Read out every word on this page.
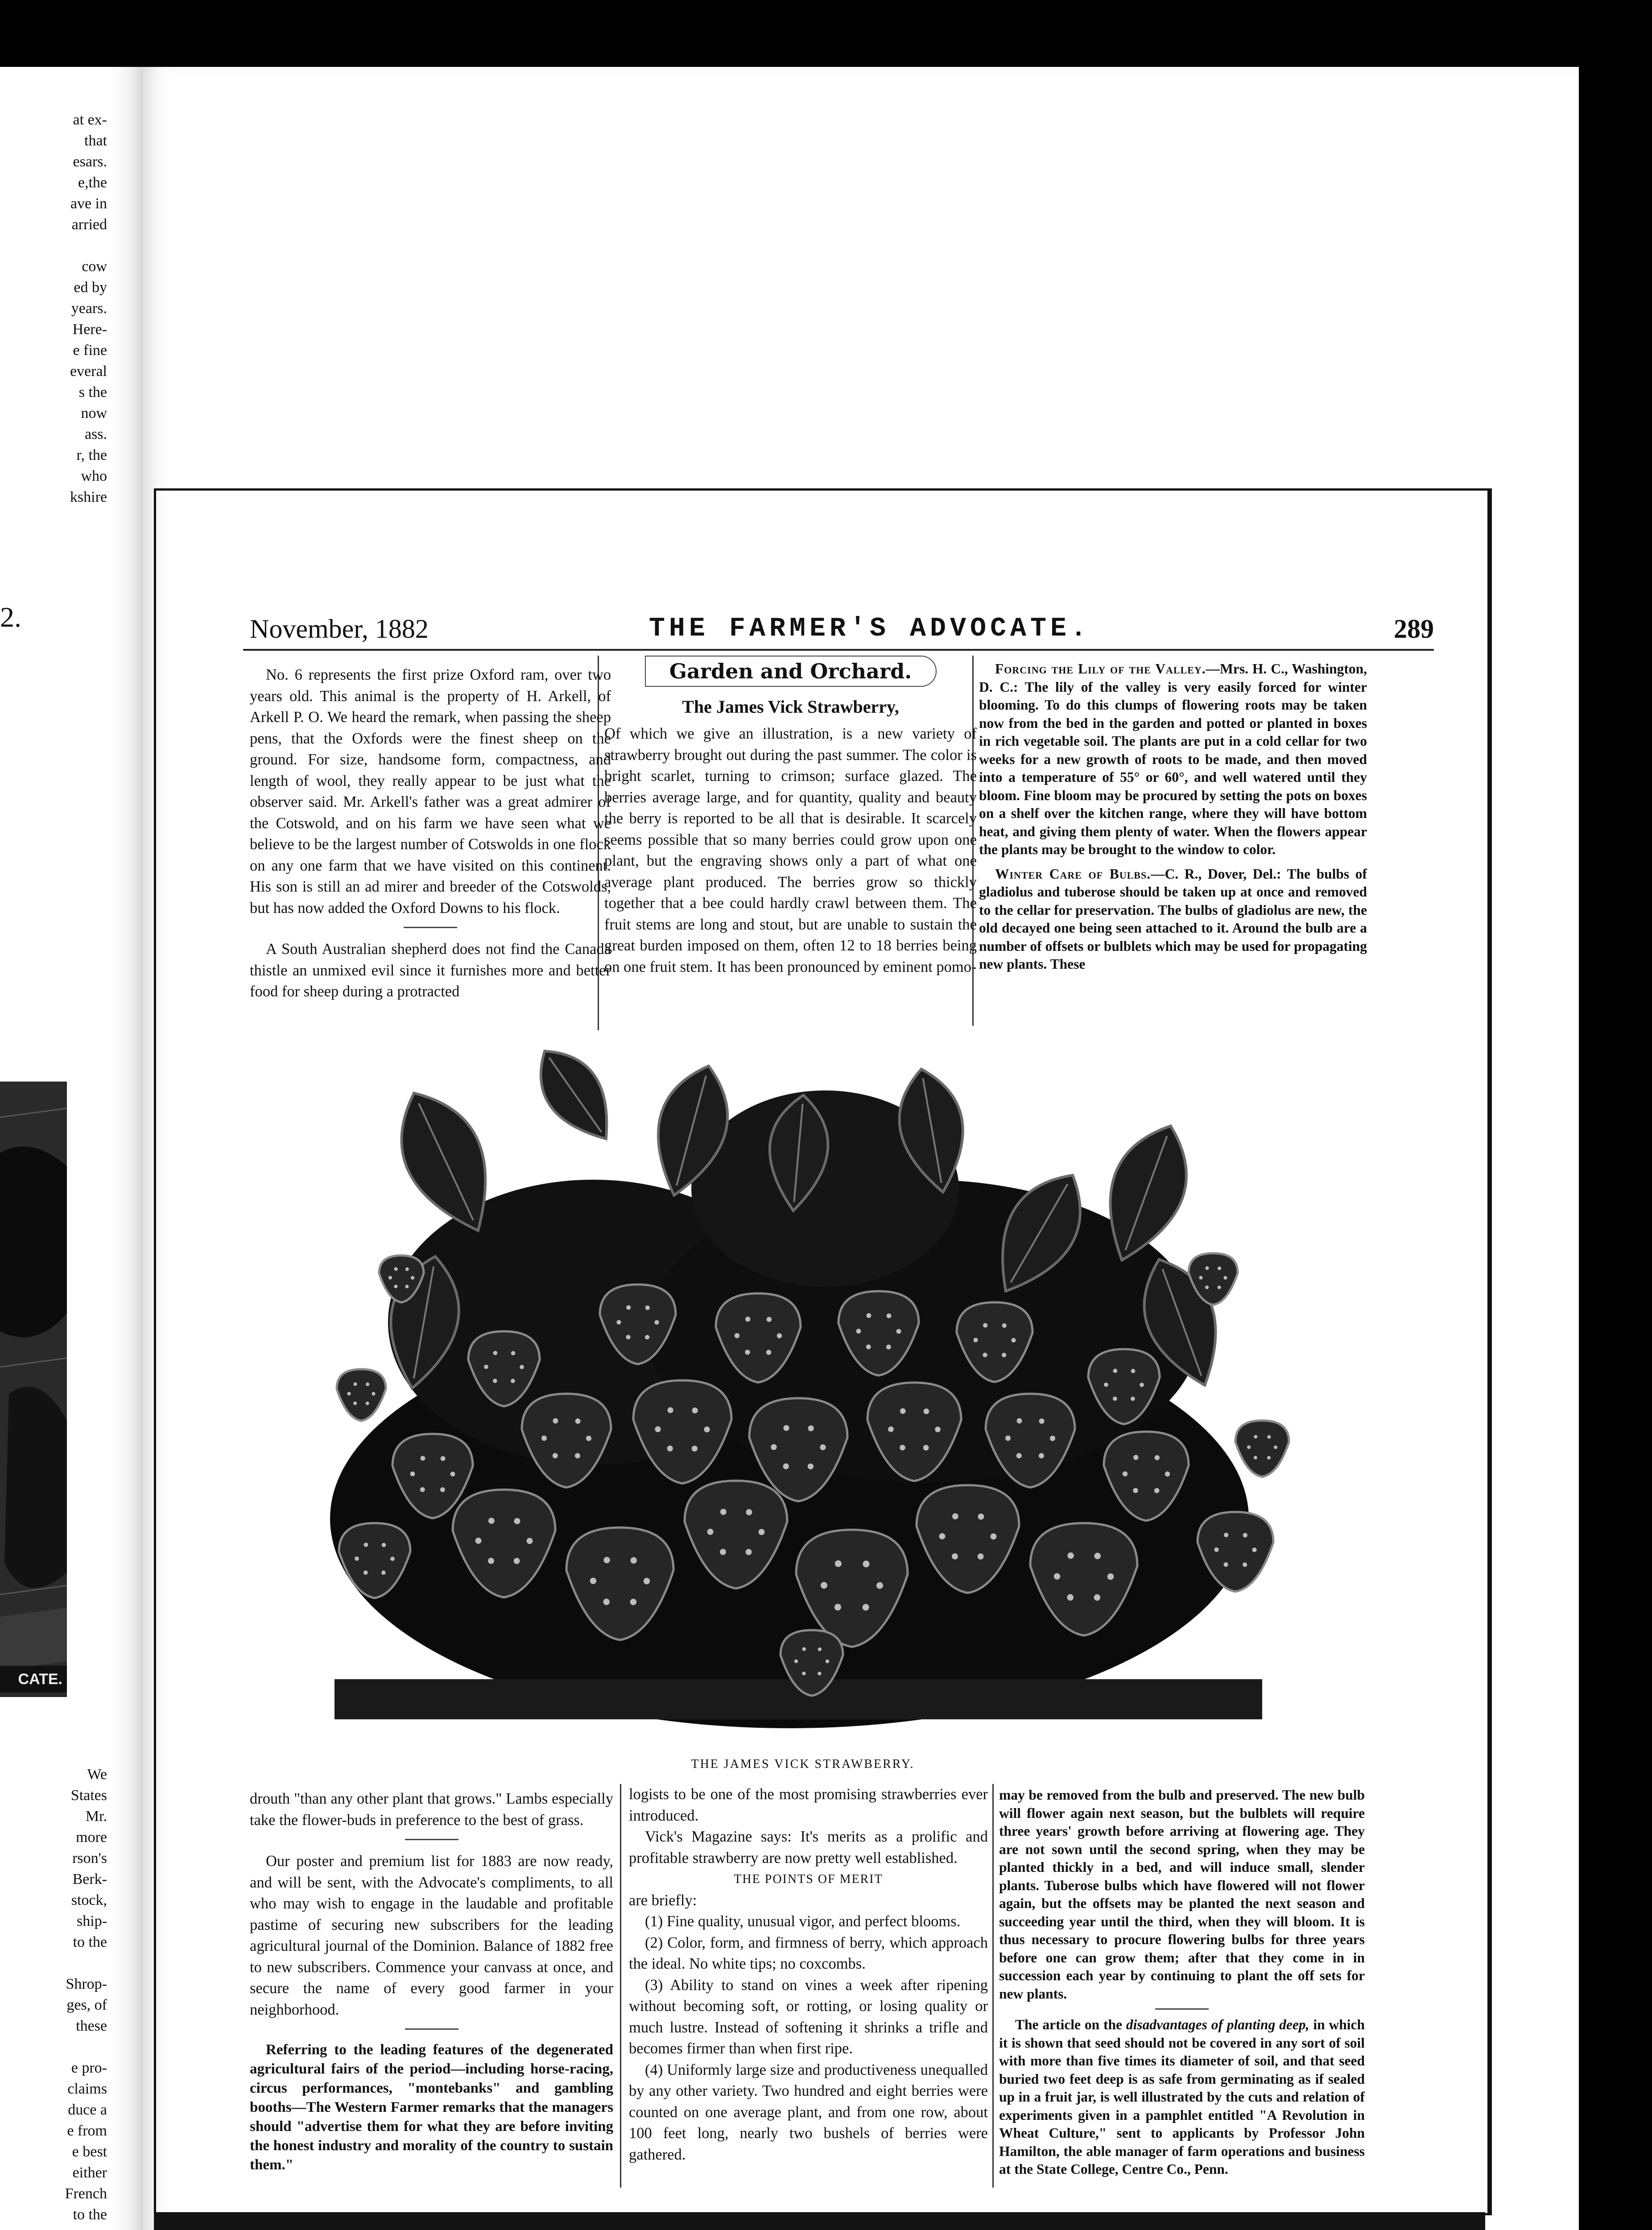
at ex-
that
esars.
e,the
ave in
arried

cow
ed by
years.
Here-
e fine
everal
s the
now
ass.
r, the
who
kshire
2.
CATE.
We
States
Mr.
more
rson's
Berk-
stock,
ship-
to the

Shrop-
ges, of
these

e pro-
claims
duce a
e from
e best
either
French
to the
November, 1882	THE FARMER'S ADVOCATE.	289

No. 6 represents the first prize Oxford ram, over two years old. This animal is the property of H. Arkell, of Arkell P. O. We heard the remark, when passing the sheep pens, that the Oxfords were the finest sheep on the ground. For size, handsome form, compactness, and length of wool, they really appear to be just what the observer said. Mr. Arkell's father was a great admirer of the Cotswold, and on his farm we have seen what we believe to be the largest number of Cotswolds in one flock on any one farm that we have visited on this continent. His son is still an ad mirer and breeder of the Cotswolds, but has now added the Oxford Downs to his flock.

A South Australian shepherd does not find the Canada thistle an unmixed evil since it furnishes more and better food for sheep during a protracted

Garden and Orchard.
The James Vick Strawberry,

Of which we give an illustration, is a new variety of strawberry brought out during the past summer. The color is bright scarlet, turning to crimson; surface glazed. The berries average large, and for quantity, quality and beauty the berry is reported to be all that is desirable. It scarcely seems possible that so many berries could grow upon one plant, but the engraving shows only a part of what one average plant produced. The berries grow so thickly together that a bee could hardly crawl between them. The fruit stems are long and stout, but are unable to sustain the great burden imposed on them, often 12 to 18 berries being on one fruit stem. It has been pronounced by eminent pomo-

Forcing the Lily of the Valley.—Mrs. H. C., Washington, D. C.: The lily of the valley is very easily forced for winter blooming. To do this clumps of flowering roots may be taken now from the bed in the garden and potted or planted in boxes in rich vegetable soil. The plants are put in a cold cellar for two weeks for a new growth of roots to be made, and then moved into a temperature of 55° or 60°, and well watered until they bloom. Fine bloom may be procured by setting the pots on boxes on a shelf over the kitchen range, where they will have bottom heat, and giving them plenty of water. When the flowers appear the plants may be brought to the window to color.

Winter Care of Bulbs.—C. R., Dover, Del.: The bulbs of gladiolus and tuberose should be taken up at once and removed to the cellar for preservation. The bulbs of gladiolus are new, the old decayed one being seen attached to it. Around the bulb are a number of offsets or bulblets which may be used for propagating new plants. These

THE JAMES VICK STRAWBERRY.

drouth "than any other plant that grows." Lambs especially take the flower-buds in preference to the best of grass.

Our poster and premium list for 1883 are now ready, and will be sent, with the Advocate's compliments, to all who may wish to engage in the laudable and profitable pastime of securing new subscribers for the leading agricultural journal of the Dominion. Balance of 1882 free to new subscribers. Commence your canvass at once, and secure the name of every good farmer in your neighborhood.

Referring to the leading features of the degenerated agricultural fairs of the period—including horse-racing, circus performances, "montebanks" and gambling booths—The Western Farmer remarks that the managers should "advertise them for what they are before inviting the honest industry and morality of the country to sustain them."

logists to be one of the most promising strawberries ever introduced.

Vick's Magazine says: It's merits as a prolific and profitable strawberry are now pretty well established.

THE POINTS OF MERIT

are briefly:

(1) Fine quality, unusual vigor, and perfect blooms.

(2) Color, form, and firmness of berry, which approach the ideal. No white tips; no coxcombs.

(3) Ability to stand on vines a week after ripening without becoming soft, or rotting, or losing quality or much lustre. Instead of softening it shrinks a trifle and becomes firmer than when first ripe.

(4) Uniformly large size and productiveness unequalled by any other variety. Two hundred and eight berries were counted on one average plant, and from one row, about 100 feet long, nearly two bushels of berries were gathered.

may be removed from the bulb and preserved. The new bulb will flower again next season, but the bulblets will require three years' growth before arriving at flowering age. They are not sown until the second spring, when they may be planted thickly in a bed, and will induce small, slender plants. Tuberose bulbs which have flowered will not flower again, but the offsets may be planted the next season and succeeding year until the third, when they will bloom. It is thus necessary to procure flowering bulbs for three years before one can grow them; after that they come in in succession each year by continuing to plant the off sets for new plants.

The article on the disadvantages of planting deep, in which it is shown that seed should not be covered in any sort of soil with more than five times its diameter of soil, and that seed buried two feet deep is as safe from germinating as if sealed up in a fruit jar, is well illustrated by the cuts and relation of experiments given in a pamphlet entitled "A Revolution in Wheat Culture," sent to applicants by Professor John Hamilton, the able manager of farm operations and business at the State College, Centre Co., Penn.
